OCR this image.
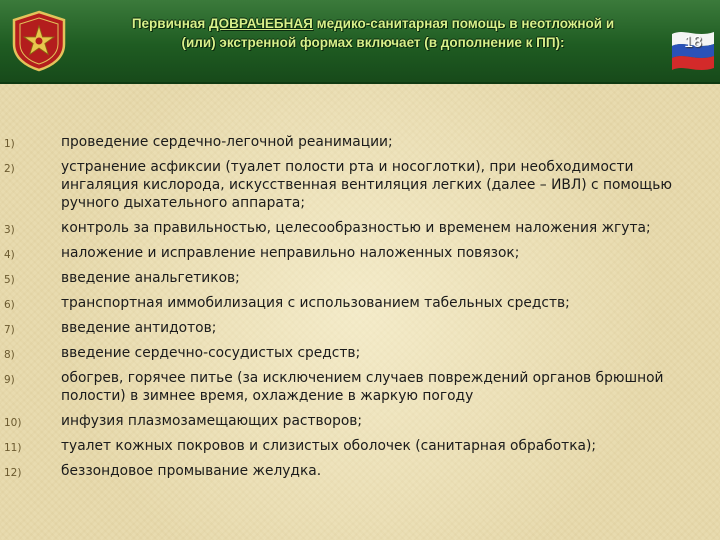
Первичная ДОВРАЧЕБНАЯ медико-санитарная помощь в неотложной и
(или) экстренной формах включает (в дополнение к ПП):	18
1)	проведение сердечно-легочной реанимации;
2)	устранение асфиксии (туалет полости рта и носоглотки), при необходимости ингаляция кислорода, искусственная вентиляция легких (далее – ИВЛ) с помощью ручного дыхательного аппарата;
3)	контроль за правильностью, целесообразностью и временем наложения жгута;
4)	наложение и исправление неправильно наложенных повязок;
5)	введение анальгетиков;
6)	транспортная иммобилизация с использованием табельных средств;
7)	введение антидотов;
8)	введение сердечно-сосудистых средств;
9)	обогрев, горячее питье (за исключением случаев повреждений органов брюшной полости) в зимнее время, охлаждение в жаркую погоду
10)	инфузия плазмозамещающих растворов;
11)	туалет кожных покровов и слизистых оболочек (санитарная обработка);
12)	беззондовое промывание желудка.
